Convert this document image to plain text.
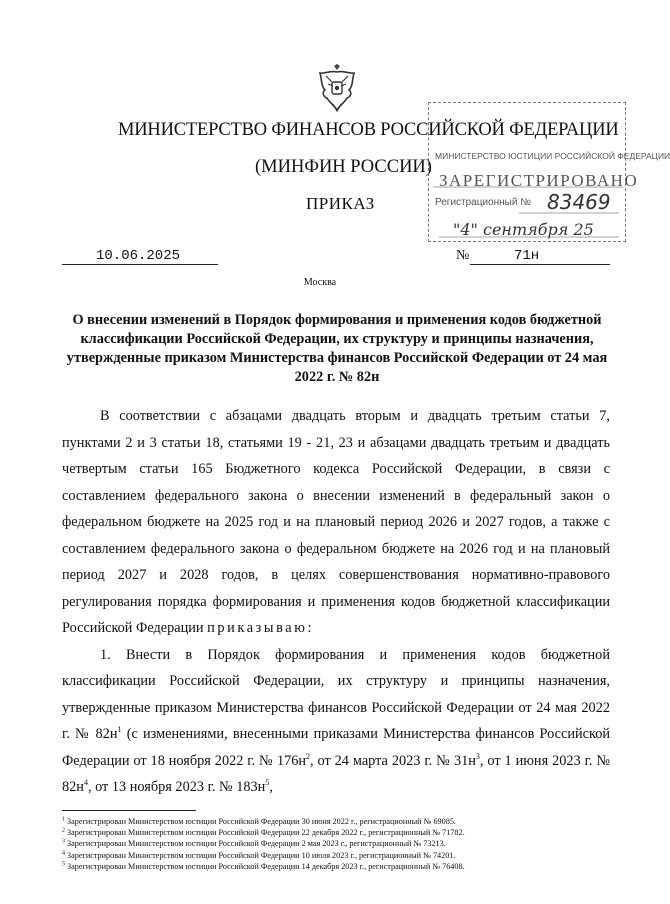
МИНИСТЕРСТВО ФИНАНСОВ РОССИЙСКОЙ ФЕДЕРАЦИИ
(МИНФИН РОССИИ)
ПРИКАЗ
МИНИСТЕРСТВО ЮСТИЦИИ РОССИЙСКОЙ ФЕДЕРАЦИИ
ЗАРЕГИСТРИРОВАНО
Регистрационный № 83469
"4" сентября 25
10.06.2025	№	71н
Москва
О внесении изменений в Порядок формирования и применения кодов бюджетной классификации Российской Федерации, их структуру и принципы назначения, утвержденные приказом Министерства финансов Российской Федерации от 24 мая 2022 г. № 82н

В соответствии с абзацами двадцать вторым и двадцать третьим статьи 7, пунктами 2 и 3 статьи 18, статьями 19 - 21, 23 и абзацами двадцать третьим и двадцать четвертым статьи 165 Бюджетного кодекса Российской Федерации, в связи с составлением федерального закона о внесении изменений в федеральный закон о федеральном бюджете на 2025 год и на плановый период 2026 и 2027 годов, а также с составлением федерального закона о федеральном бюджете на 2026 год и на плановый период 2027 и 2028 годов, в целях совершенствования нормативно-правового регулирования порядка формирования и применения кодов бюджетной классификации Российской Федерации приказываю:

1. Внести в Порядок формирования и применения кодов бюджетной классификации Российской Федерации, их структуру и принципы назначения, утвержденные приказом Министерства финансов Российской Федерации от 24 мая 2022 г. № $82н^1$ (с изменениями, внесенными приказами Министерства финансов Российской Федерации от 18 ноября 2022 г. № $176н^2$, от 24 марта 2023 г. № $31н^3$, от 1 июня 2023 г. № $82н^4$, от 13 ноября 2023 г. № $183н^5$,

$^1$ Зарегистрирован Министерством юстиции Российской Федерации 30 июня 2022 г., регистрационный № 69085.
$^2$ Зарегистрирован Министерством юстиции Российской Федерации 22 декабря 2022 г., регистрационный № 71782.
$^3$ Зарегистрирован Министерством юстиции Российской Федерации 2 мая 2023 г., регистрационный № 73213.
$^4$ Зарегистрирован Министерством юстиции Российской Федерации 10 июля 2023 г., регистрационный № 74201.
$^5$ Зарегистрирован Министерством юстиции Российской Федерации 14 декабря 2023 г., регистрационный № 76408.
